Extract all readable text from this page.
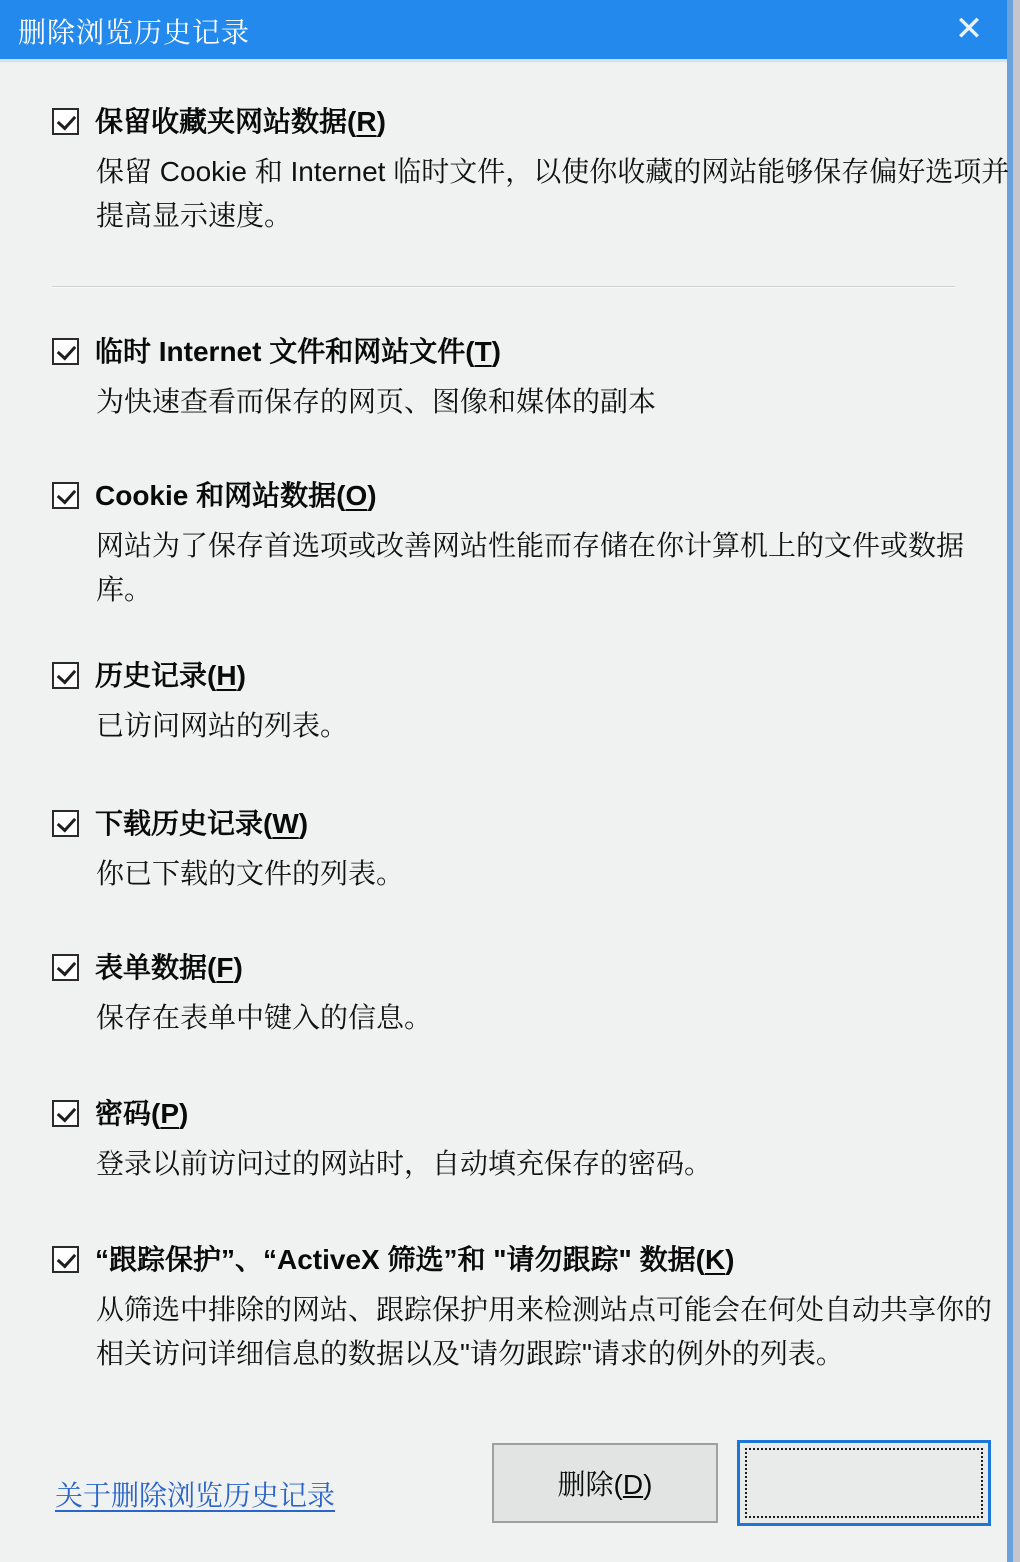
删除浏览历史记录	✕
保留收藏夹网站数据(R)
保留 Cookie 和 Internet 临时文件，以使你收藏的网站能够保存偏好选项并提高显示速度。
临时 Internet 文件和网站文件(T)
为快速查看而保存的网页、图像和媒体的副本
Cookie 和网站数据(O)
网站为了保存首选项或改善网站性能而存储在你计算机上的文件或数据库。
历史记录(H)
已访问网站的列表。
下载历史记录(W)
你已下载的文件的列表。
表单数据(F)
保存在表单中键入的信息。
密码(P)
登录以前访问过的网站时，自动填充保存的密码。
“跟踪保护”、“ActiveX 筛选”和 "请勿跟踪" 数据(K)
从筛选中排除的网站、跟踪保护用来检测站点可能会在何处自动共享你的相关访问详细信息的数据以及"请勿跟踪"请求的例外的列表。
关于删除浏览历史记录	删除(D)
